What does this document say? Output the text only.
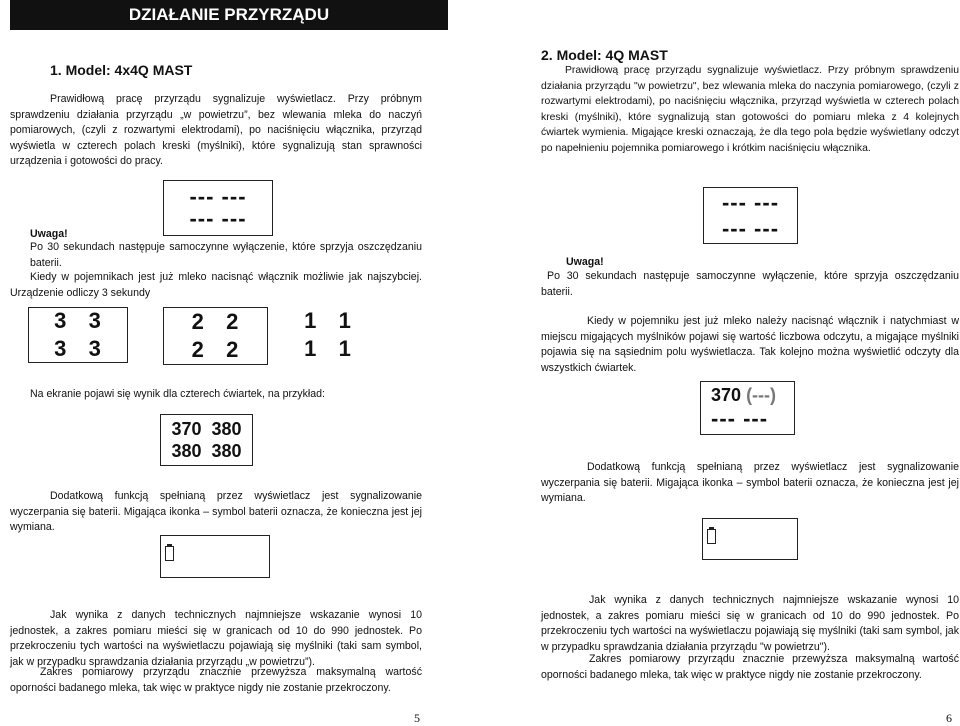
DZIAŁANIE PRZYRZĄDU
1. Model: 4x4Q MAST
Prawidłową pracę przyrządu sygnalizuje wyświetlacz. Przy próbnym sprawdzeniu działania przyrządu „w powietrzu”, bez wlewania mleka do naczyń pomiarowych, (czyli z rozwartymi elektrodami), po naciśnięciu włącznika, przyrząd wyświetla w czterech polach kreski (myślniki), które sygnalizują stan sprawności urządzenia i gotowości do pracy.
--- ---
--- ---
Uwaga!
Po 30 sekundach następuje samoczynne wyłączenie, które sprzyja oszczędzaniu baterii.
Kiedy w pojemnikach jest już mleko nacisnąć włącznik możliwie jak najszybciej. Urządzenie odliczy 3 sekundy
3   3
3   3
2   2
2   2
1   1
1   1
Na ekranie pojawi się wynik dla czterech ćwiartek, na przykład:
370  380
380  380
Dodatkową funkcją spełnianą przez wyświetlacz jest sygnalizowanie wyczerpania się baterii. Migająca ikonka – symbol baterii oznacza, że konieczna jest jej wymiana.
Jak wynika z danych technicznych najmniejsze wskazanie wynosi 10 jednostek, a zakres pomiaru mieści się w granicach od 10 do 990 jednostek. Po przekroczeniu tych wartości na wyświetlaczu pojawiają się myślniki (taki sam symbol, jak w przypadku sprawdzania działania przyrządu „w powietrzu”).
Zakres pomiarowy przyrządu znacznie przewyższa maksymalną wartość oporności badanego mleka, tak więc w praktyce nigdy nie zostanie przekroczony.
5
2. Model: 4Q MAST
Prawidłową pracę przyrządu sygnalizuje wyświetlacz. Przy próbnym sprawdzeniu działania przyrządu "w powietrzu", bez wlewania mleka do naczynia pomiarowego, (czyli z rozwartymi elektrodami), po naciśnięciu włącznika, przyrząd wyświetla w czterech polach kreski (myślniki), które sygnalizują stan gotowości do pomiaru mleka z 4 kolejnych ćwiartek wymienia. Migające kreski oznaczają, że dla tego pola będzie wyświetlany odczyt po napełnieniu pojemnika pomiarowego i krótkim naciśnięciu włącznika.
--- ---
--- ---
Uwaga!
Po 30 sekundach następuje samoczynne wyłączenie, które sprzyja oszczędzaniu baterii.
Kiedy w pojemniku jest już mleko należy nacisnąć włącznik i natychmiast w miejscu migających myślników pojawi się wartość liczbowa odczytu, a migające myślniki pojawia się na sąsiednim polu wyświetlacza. Tak kolejno można wyświetlić odczyty dla wszystkich ćwiartek.
370 (---)
--- ---
Dodatkową funkcją spełnianą przez wyświetlacz jest sygnalizowanie wyczerpania się baterii. Migająca ikonka – symbol baterii oznacza, że konieczna jest jej wymiana.
Jak wynika z danych technicznych najmniejsze wskazanie wynosi 10 jednostek, a zakres pomiaru mieści się w granicach od 10 do 990 jednostek. Po przekroczeniu tych wartości na wyświetlaczu pojawiają się myślniki (taki sam symbol, jak w przypadku sprawdzania działania przyrządu "w powietrzu").
Zakres pomiarowy przyrządu znacznie przewyższa maksymalną wartość oporności badanego mleka, tak więc w praktyce nigdy nie zostanie przekroczony.
6
